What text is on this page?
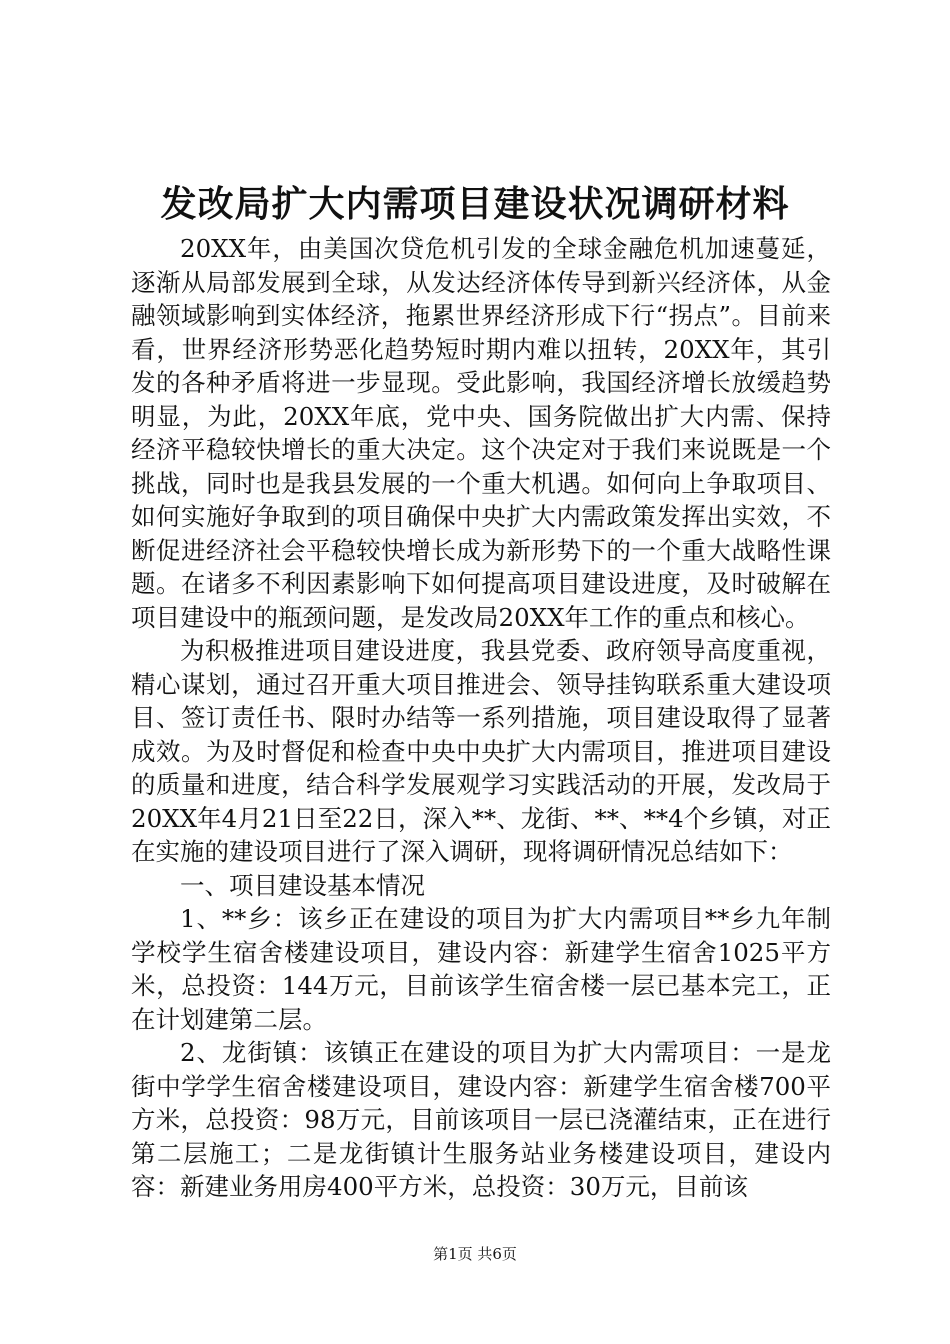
发改局扩大内需项目建设状况调研材料

20XX年，由美国次贷危机引发的全球金融危机加速蔓延，逐渐从局部发展到全球，从发达经济体传导到新兴经济体，从金融领域影响到实体经济，拖累世界经济形成下行“拐点”。目前来看，世界经济形势恶化趋势短时期内难以扭转，20XX年，其引发的各种矛盾将进一步显现。受此影响，我国经济增长放缓趋势明显，为此，20XX年底，党中央、国务院做出扩大内需、保持经济平稳较快增长的重大决定。这个决定对于我们来说既是一个挑战，同时也是我县发展的一个重大机遇。如何向上争取项目、如何实施好争取到的项目确保中央扩大内需政策发挥出实效，不断促进经济社会平稳较快增长成为新形势下的一个重大战略性课题。在诸多不利因素影响下如何提高项目建设进度，及时破解在项目建设中的瓶颈问题，是发改局20XX年工作的重点和核心。

为积极推进项目建设进度，我县党委、政府领导高度重视，精心谋划，通过召开重大项目推进会、领导挂钩联系重大建设项目、签订责任书、限时办结等一系列措施，项目建设取得了显著成效。为及时督促和检查中央中央扩大内需项目，推进项目建设的质量和进度，结合科学发展观学习实践活动的开展，发改局于20XX年4月21日至22日，深入**、龙街、**、**4个乡镇，对正在实施的建设项目进行了深入调研，现将调研情况总结如下：

一、项目建设基本情况

1、**乡：该乡正在建设的项目为扩大内需项目**乡九年制学校学生宿舍楼建设项目，建设内容：新建学生宿舍1025平方米，总投资：144万元，目前该学生宿舍楼一层已基本完工，正在计划建第二层。

2、龙街镇：该镇正在建设的项目为扩大内需项目：一是龙街中学学生宿舍楼建设项目，建设内容：新建学生宿舍楼700平方米，总投资：98万元，目前该项目一层已浇灌结束，正在进行第二层施工；二是龙街镇计生服务站业务楼建设项目，建设内容：新建业务用房400平方米，总投资：30万元，目前该

第1页 共6页
